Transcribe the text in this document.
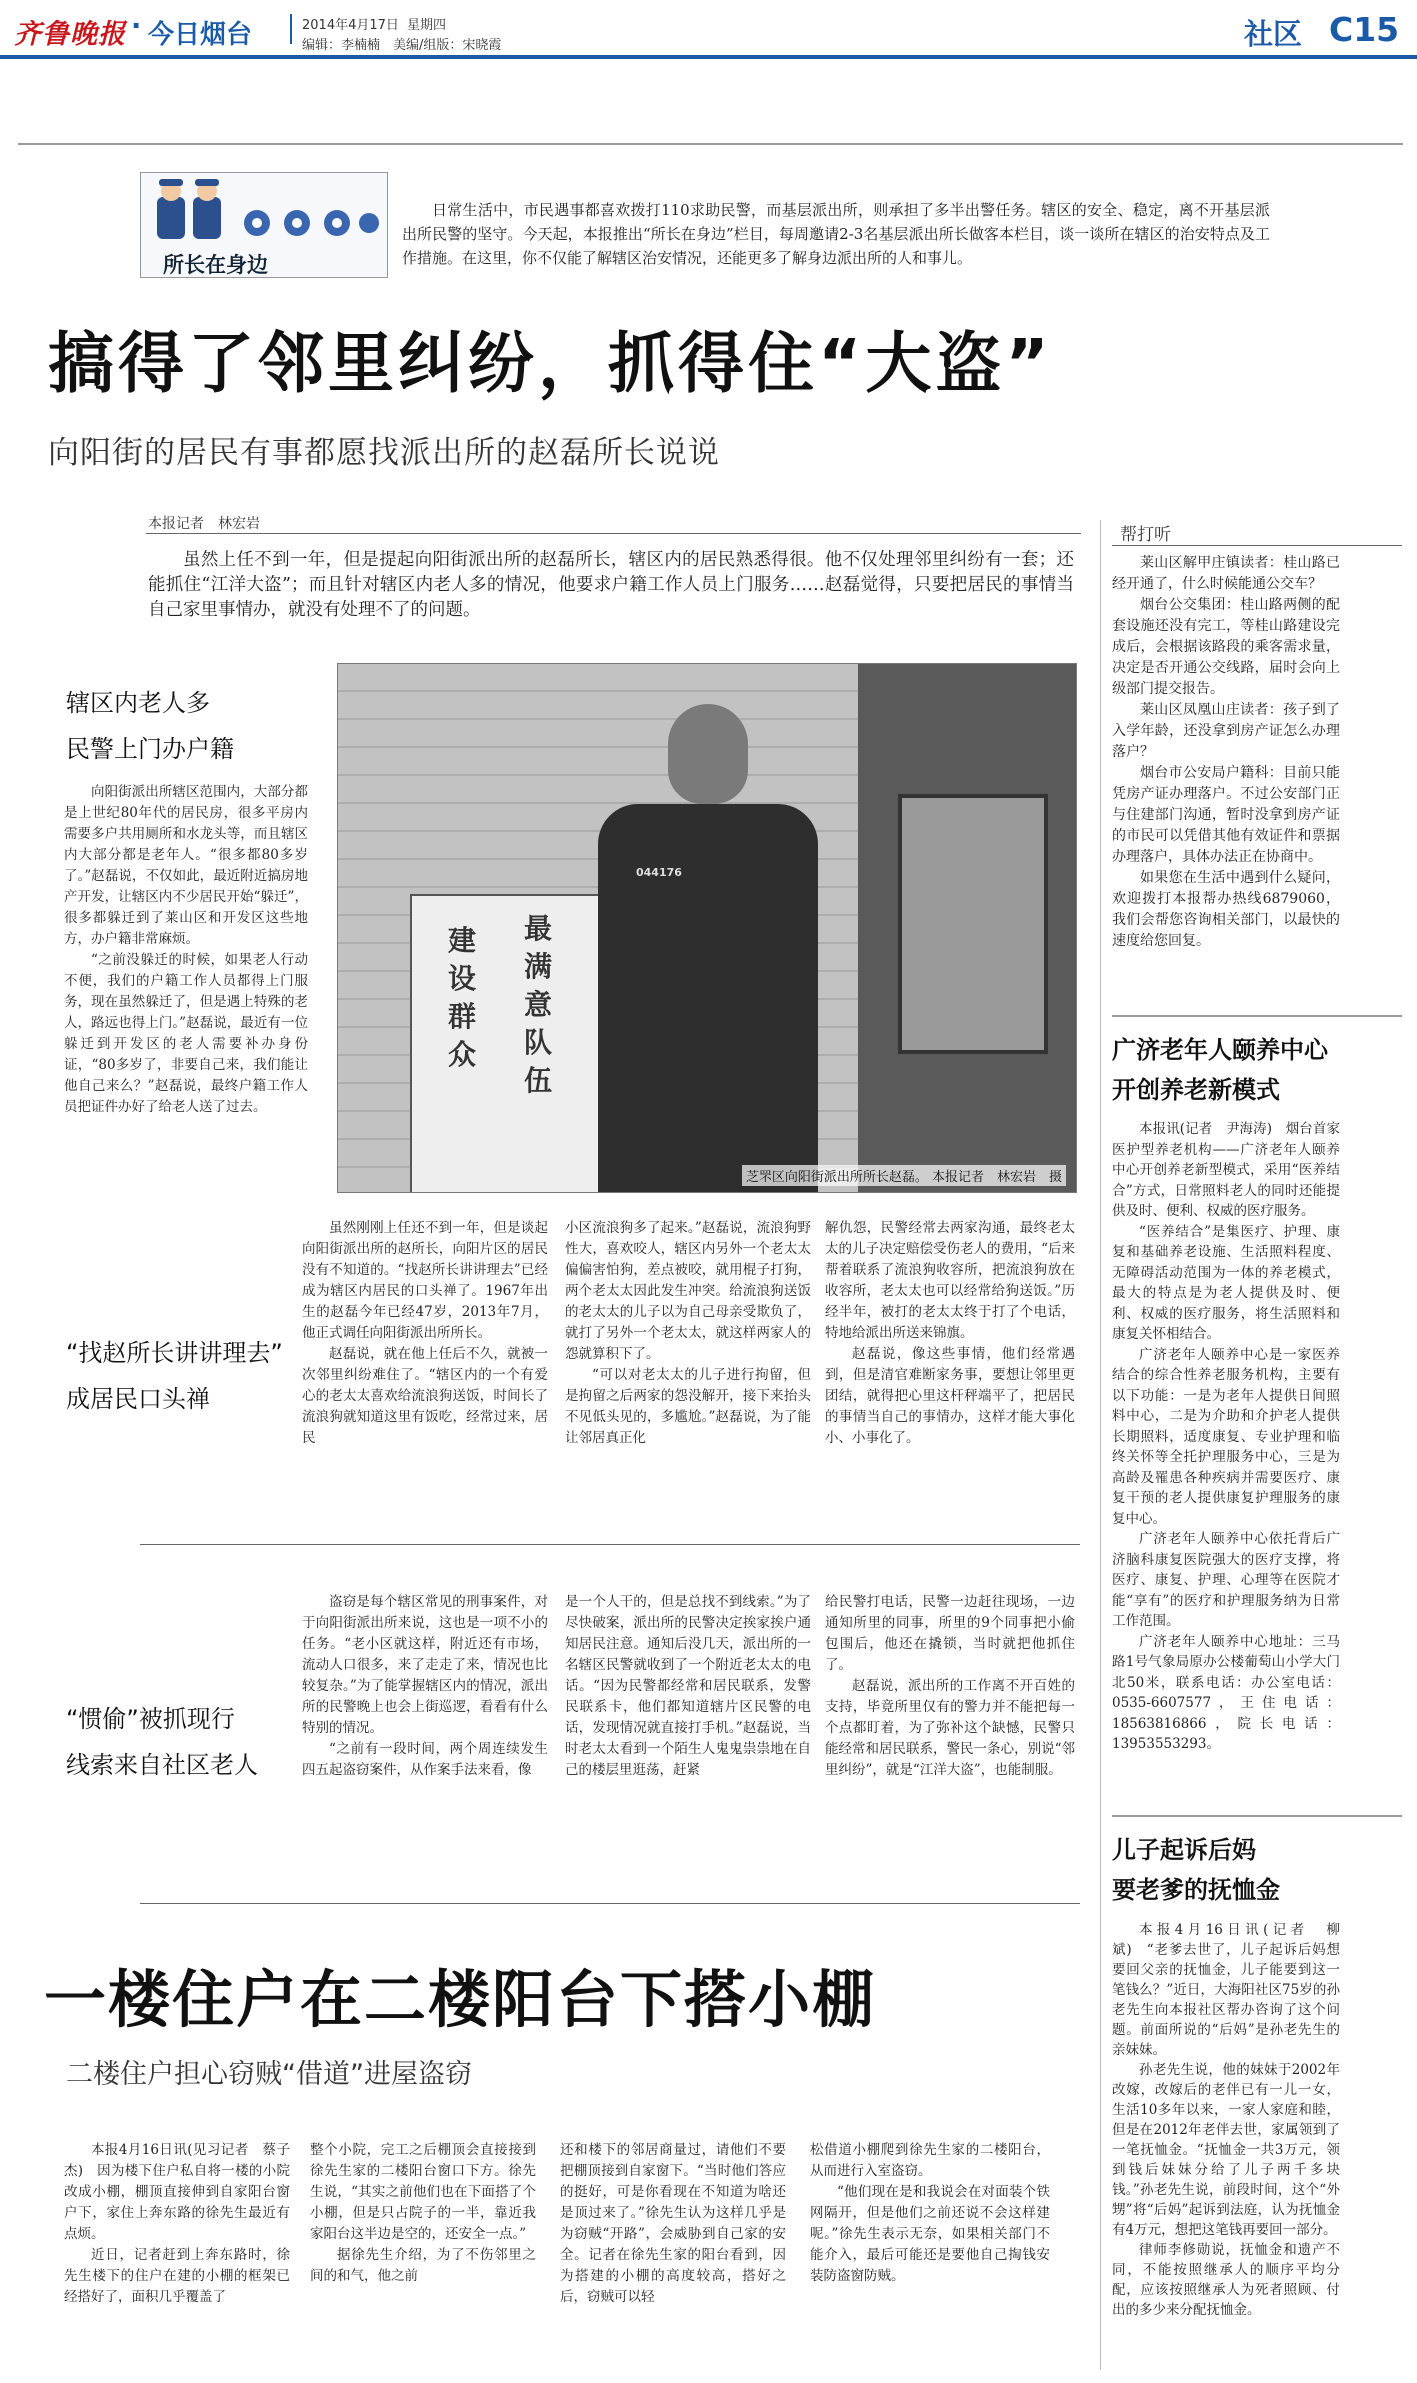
齐鲁晚报 · 今日烟台	2014年4月17日 星期四
编辑：李楠楠　美编/组版：宋晓霞	社区 C15
所长在身边
日常生活中，市民遇事都喜欢拨打110求助民警，而基层派出所，则承担了多半出警任务。辖区的安全、稳定，离不开基层派出所民警的坚守。今天起，本报推出“所长在身边”栏目，每周邀请2-3名基层派出所长做客本栏目，谈一谈所在辖区的治安特点及工作措施。在这里，你不仅能了解辖区治安情况，还能更多了解身边派出所的人和事儿。
搞得了邻里纠纷，抓得住“大盗”
向阳街的居民有事都愿找派出所的赵磊所长说说
本报记者　林宏岩
虽然上任不到一年，但是提起向阳街派出所的赵磊所长，辖区内的居民熟悉得很。他不仅处理邻里纠纷有一套；还能抓住“江洋大盗”；而且针对辖区内老人多的情况，他要求户籍工作人员上门服务……赵磊觉得，只要把居民的事情当自己家里事情办，就没有处理不了的问题。
辖区内老人多
民警上门办户籍
向阳街派出所辖区范围内，大部分都是上世纪80年代的居民房，很多平房内需要多户共用厕所和水龙头等，而且辖区内大部分都是老年人。“很多都80多岁了。”赵磊说，不仅如此，最近附近搞房地产开发，让辖区内不少居民开始“躲迁”，很多都躲迁到了莱山区和开发区这些地方，办户籍非常麻烦。
“之前没躲迁的时候，如果老人行动不便，我们的户籍工作人员都得上门服务，现在虽然躲迁了，但是遇上特殊的老人，路远也得上门。”赵磊说，最近有一位躲迁到开发区的老人需要补办身份证，“80多岁了，非要自己来，我们能让他自己来么？”赵磊说，最终户籍工作人员把证件办好了给老人送了过去。
建设群众
最满意队伍
044176
芝罘区向阳街派出所所长赵磊。 本报记者　林宏岩　摄
“找赵所长讲讲理去”
成居民口头禅
虽然刚刚上任还不到一年，但是谈起向阳街派出所的赵所长，向阳片区的居民没有不知道的。“找赵所长讲讲理去”已经成为辖区内居民的口头禅了。1967年出生的赵磊今年已经47岁，2013年7月，他正式调任向阳街派出所所长。
赵磊说，就在他上任后不久，就被一次邻里纠纷难住了。“辖区内的一个有爱心的老太太喜欢给流浪狗送饭，时间长了流浪狗就知道这里有饭吃，经常过来，居民
小区流浪狗多了起来。”赵磊说，流浪狗野性大，喜欢咬人，辖区内另外一个老太太偏偏害怕狗，差点被咬，就用棍子打狗，两个老太太因此发生冲突。给流浪狗送饭的老太太的儿子以为自己母亲受欺负了，就打了另外一个老太太，就这样两家人的怨就算积下了。
“可以对老太太的儿子进行拘留，但是拘留之后两家的怨没解开，接下来抬头不见低头见的，多尴尬。”赵磊说，为了能让邻居真正化
解仇怨，民警经常去两家沟通，最终老太太的儿子决定赔偿受伤老人的费用，“后来帮着联系了流浪狗收容所，把流浪狗放在收容所，老太太也可以经常给狗送饭。”历经半年，被打的老太太终于打了个电话，特地给派出所送来锦旗。
赵磊说，像这些事情，他们经常遇到，但是清官难断家务事，要想让邻里更团结，就得把心里这杆秤端平了，把居民的事情当自己的事情办，这样才能大事化小、小事化了。
“惯偷”被抓现行
线索来自社区老人
盗窃是每个辖区常见的刑事案件，对于向阳街派出所来说，这也是一项不小的任务。“老小区就这样，附近还有市场，流动人口很多，来了走走了来，情况也比较复杂。”为了能掌握辖区内的情况，派出所的民警晚上也会上街巡逻，看看有什么特别的情况。
“之前有一段时间，两个周连续发生四五起盗窃案件，从作案手法来看，像
是一个人干的，但是总找不到线索。”为了尽快破案，派出所的民警决定挨家挨户通知居民注意。通知后没几天，派出所的一名辖区民警就收到了一个附近老太太的电话。“因为民警都经常和居民联系，发警民联系卡，他们都知道辖片区民警的电话，发现情况就直接打手机。”赵磊说，当时老太太看到一个陌生人鬼鬼祟祟地在自己的楼层里逛荡，赶紧
给民警打电话，民警一边赶往现场，一边通知所里的同事，所里的9个同事把小偷包围后，他还在撬锁，当时就把他抓住了。
赵磊说，派出所的工作离不开百姓的支持，毕竟所里仅有的警力并不能把每一个点都盯着，为了弥补这个缺憾，民警只能经常和居民联系，警民一条心，别说“邻里纠纷”，就是“江洋大盗”，也能制服。
一楼住户在二楼阳台下搭小棚
二楼住户担心窃贼“借道”进屋盗窃
本报4月16日讯(见习记者　蔡子杰)　因为楼下住户私自将一楼的小院改成小棚，棚顶直接伸到自家阳台窗户下，家住上奔东路的徐先生最近有点烦。
近日，记者赶到上奔东路时，徐先生楼下的住户在建的小棚的框架已经搭好了，面积几乎覆盖了
整个小院，完工之后棚顶会直接接到徐先生家的二楼阳台窗口下方。徐先生说，“其实之前他们也在下面搭了个小棚，但是只占院子的一半，靠近我家阳台这半边是空的，还安全一点。”
据徐先生介绍，为了不伤邻里之间的和气，他之前
还和楼下的邻居商量过，请他们不要把棚顶接到自家窗下。“当时他们答应的挺好，可是你看现在不知道为啥还是顶过来了。”徐先生认为这样几乎是为窃贼“开路”，会威胁到自己家的安全。记者在徐先生家的阳台看到，因为搭建的小棚的高度较高，搭好之后，窃贼可以轻
松借道小棚爬到徐先生家的二楼阳台，从而进行入室盗窃。
“他们现在是和我说会在对面装个铁网隔开，但是他们之前还说不会这样建呢。”徐先生表示无奈，如果相关部门不能介入，最后可能还是要他自己掏钱安装防盗窗防贼。
帮打听
莱山区解甲庄镇读者：桂山路已经开通了，什么时候能通公交车？
烟台公交集团：桂山路两侧的配套设施还没有完工，等桂山路建设完成后，会根据该路段的乘客需求量，决定是否开通公交线路，届时会向上级部门提交报告。
莱山区凤凰山庄读者：孩子到了入学年龄，还没拿到房产证怎么办理落户？
烟台市公安局户籍科：目前只能凭房产证办理落户。不过公安部门正与住建部门沟通，暂时没拿到房产证的市民可以凭借其他有效证件和票据办理落户，具体办法正在协商中。
如果您在生活中遇到什么疑问，欢迎拨打本报帮办热线6879060，我们会帮您咨询相关部门，以最快的速度给您回复。
广济老年人颐养中心
开创养老新模式
本报讯(记者　尹海涛)　烟台首家医护型养老机构——广济老年人颐养中心开创养老新型模式，采用“医养结合”方式，日常照料老人的同时还能提供及时、便利、权威的医疗服务。
“医养结合”是集医疗、护理、康复和基础养老设施、生活照料程度、无障碍活动范围为一体的养老模式，最大的特点是为老人提供及时、便利、权威的医疗服务，将生活照料和康复关怀相结合。
广济老年人颐养中心是一家医养结合的综合性养老服务机构，主要有以下功能：一是为老年人提供日间照料中心，二是为介助和介护老人提供长期照料，适度康复、专业护理和临终关怀等全托护理服务中心，三是为高龄及罹患各种疾病并需要医疗、康复干预的老人提供康复护理服务的康复中心。
广济老年人颐养中心依托背后广济脑科康复医院强大的医疗支撑，将医疗、康复、护理、心理等在医院才能“享有”的医疗和护理服务纳为日常工作范围。
广济老年人颐养中心地址：三马路1号气象局原办公楼葡萄山小学大门北50米，联系电话：办公室电话：0535-6607577，王住电话：18563816866，院长电话：13953553293。
儿子起诉后妈
要老爹的抚恤金
本报4月16日讯(记者　柳斌)　“老爹去世了，儿子起诉后妈想要回父亲的抚恤金，儿子能要到这一笔钱么？”近日，大海阳社区75岁的孙老先生向本报社区帮办咨询了这个问题。前面所说的“后妈”是孙老先生的亲妹妹。
孙老先生说，他的妹妹于2002年改嫁，改嫁后的老伴已有一儿一女，生活10多年以来，一家人家庭和睦，但是在2012年老伴去世，家属领到了一笔抚恤金。“抚恤金一共3万元，领到钱后妹妹分给了儿子两千多块钱。”孙老先生说，前段时间，这个“外甥”将“后妈”起诉到法庭，认为抚恤金有4万元，想把这笔钱再要回一部分。
律师李修勋说，抚恤金和遗产不同，不能按照继承人的顺序平均分配，应该按照继承人为死者照顾、付出的多少来分配抚恤金。
